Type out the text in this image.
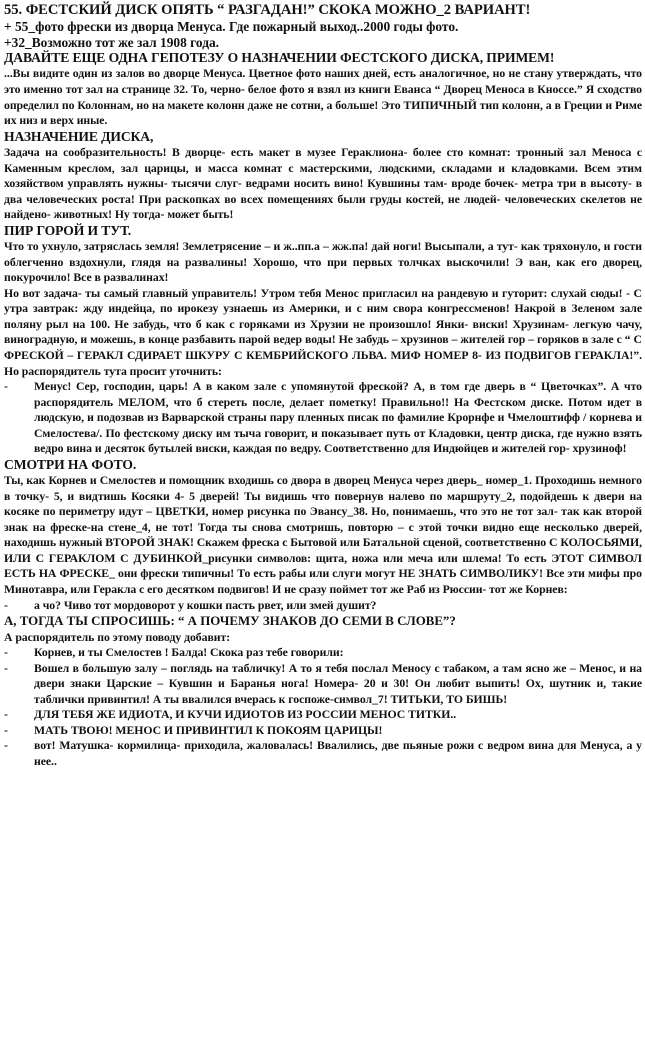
55. ФЕСТСКИЙ ДИСК ОПЯТЬ “ РАЗГАДАН!” СКОКА МОЖНО_2 ВАРИАНТ!

+ 55_фото фрески из дворца Менуса. Где пожарный выход..2000 годы фото.

+32_Возможно тот же зал 1908 года.

ДАВАЙТЕ ЕЩЕ ОДНА ГЕПОТЕЗУ О НАЗНАЧЕНИИ ФЕСТСКОГО ДИСКА, ПРИМЕМ!

...Вы видите один из залов во дворце Менуса. Цветное фото наших дней, есть аналогичное, но не стану утверждать, что это именно тот зал на странице 32. То, черно- белое фото я взял из книги Еванса “ Дворец Меноса в Кноссе.” Я сходство определил по Колоннам, но на макете колонн даже не сотни, а больше! Это ТИПИЧНЫЙ тип колонн, а в Греции и Риме их низ и верх иные.

НАЗНАЧЕНИЕ ДИСКА,

Задача на сообразительность! В дворце- есть макет в музее Гераклиона- более сто комнат: тронный зал Меноса с Каменным креслом, зал царицы, и масса комнат с мастерскими, людскими, складами и кладовками. Всем этим хозяйством управлять нужны- тысячи слуг- ведрами носить вино! Кувшины там- вроде бочек- метра три в высоту- в два человеческих роста! При раскопках во всех помещениях были груды костей, не людей- человеческих скелетов не найдено- животных! Ну тогда- может быть!

ПИР ГОРОЙ И ТУТ.

Что то ухнуло, затряслась земля! Землетрясение – и ж..пп.а – жж.па! дай ноги! Высыпали, а тут- как тряхонуло, и гости облегченно вздохнули, глядя на развалины! Хорошо, что при первых толчках выскочили! Э ван, как его дворец, покурочило! Все в развалинах!

Но вот задача- ты самый главный управитель! Утром тебя Менос пригласил на рандевую и гуторит: слухай сюды! - С утра завтрак: жду индейца, по ирокезу узнаешь из Америки, и с ним свора конгрессменов! Накрой в Зеленом зале поляну рыл на 100. Не забудь, что б как с горяками из Хрузии не произошло! Янки- виски! Хрузинам- легкую чачу, виноградную, и можешь, в конце разбавить парой ведер воды! Не забудь – хрузинов – жителей гор – горяков в зале с “ С ФРЕСКОЙ – ГЕРАКЛ СДИРАЕТ ШКУРУ С КЕМБРИЙСКОГО ЛЬВА. МИФ НОМЕР 8- ИЗ ПОДВИГОВ ГЕРАКЛА!”. Но распорядитель тута просит уточнить:

-	Менус! Сер, господин, царь! А в каком зале с упомянутой фреской? А, в том где дверь в “ Цветочках”. А что распорядитель МЕЛОМ, что б стереть после, делает пометку! Правильно!! На Фестском диске. Потом идет в людскую, и подозвав из Варварской страны пару пленных писак по фамилие Крорнфе и Чмелоштифф / корнева и Смелостева/. По фестскому диску им тыча говорит, и показывает путь от Кладовки, центр диска, где нужно взять ведро вина и десяток бутылей виски, каждая по ведру. Соответственно для Индюйцев и жителей гор- хрузиноф!

СМОТРИ НА ФОТО.

Ты, как Корнев и Смелостев и помощник входишь со двора в дворец Менуса через дверь_ номер_1. Проходишь немного в точку- 5, и видтишь Косяки 4- 5 дверей! Ты видишь что повернув налево по маршруту_2, подойдешь к двери на косяке по периметру идут – ЦВЕТКИ, номер рисунка по Эвансу_38. Но, понимаешь, что это не тот зал- так как второй знак на фреске-на стене_4, не тот! Тогда ты снова смотришь, повторю – с этой точки видно еще несколько дверей, находишь нужный ВТОРОЙ ЗНАК! Скажем фреска с Бытовой или Батальной сценой, соответственно С КОЛОСЬЯМИ, ИЛИ С ГЕРАКЛОМ С ДУБИНКОЙ_рисунки символов: щита, ножа или меча или шлема! То есть ЭТОТ СИМВОЛ ЕСТЬ НА ФРЕСКЕ_ они фрески типичны! То есть рабы или слуги могут НЕ ЗНАТЬ СИМВОЛИКУ! Все эти мифы про Минотавра, или Геракла с его десятком подвигов! И не сразу поймет тот же Раб из Рюссии- тот же Корнев:

-	а чо? Чиво тот мордоворот у кошки пасть рвет, или змей душит?

А, ТОГДА ТЫ СПРОСИШЬ: “ А ПОЧЕМУ ЗНАКОВ ДО СЕМИ В СЛОВЕ”?

А распорядитель по этому поводу добавит:

-	Корнев, и ты Смелостев ! Балда! Скока раз тебе говорили:
-	Вошел в большую залу – поглядь на табличку! А то я тебя послал Меносу с табаком, а там ясно же – Менос, и на двери знаки Царские – Кувшин и Баранья нога! Номера- 20 и 30! Он любит выпить! Ох, шутник и, такие таблички привинтил! А ты ввалился вчерась к госпоже-символ_7! ТИТЬКИ, ТО БИШЬ!
-	ДЛЯ ТЕБЯ ЖЕ ИДИОТА, И КУЧИ ИДИОТОВ ИЗ РОССИИ МЕНОС ТИТКИ..
-	МАТЬ ТВОЮ! МЕНОС И ПРИВИНТИЛ К ПОКОЯМ ЦАРИЦЫ!
-	вот! Матушка- кормилица- приходила, жаловалась! Ввалились, две пьяные рожи с ведром вина для Менуса, а у нее..
